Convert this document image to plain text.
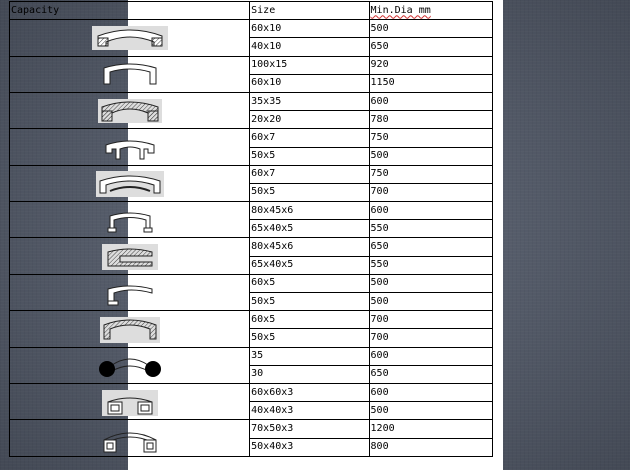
Capacity	Size	Min.Dia mm

	60x10	500
	40x10	650

	100x15	920
	60x10	1150

	35x35	600
	20x20	780

	60x7	750
	50x5	500

	60x7	750
	50x5	700

	80x45x6	600
	65x40x5	550

	80x45x6	650
	65x40x5	550

	60x5	500
	50x5	500

	60x5	700
	50x5	700

	35	600
	30	650

	60x60x3	600
	40x40x3	500

	70x50x3	1200
	50x40x3	800
